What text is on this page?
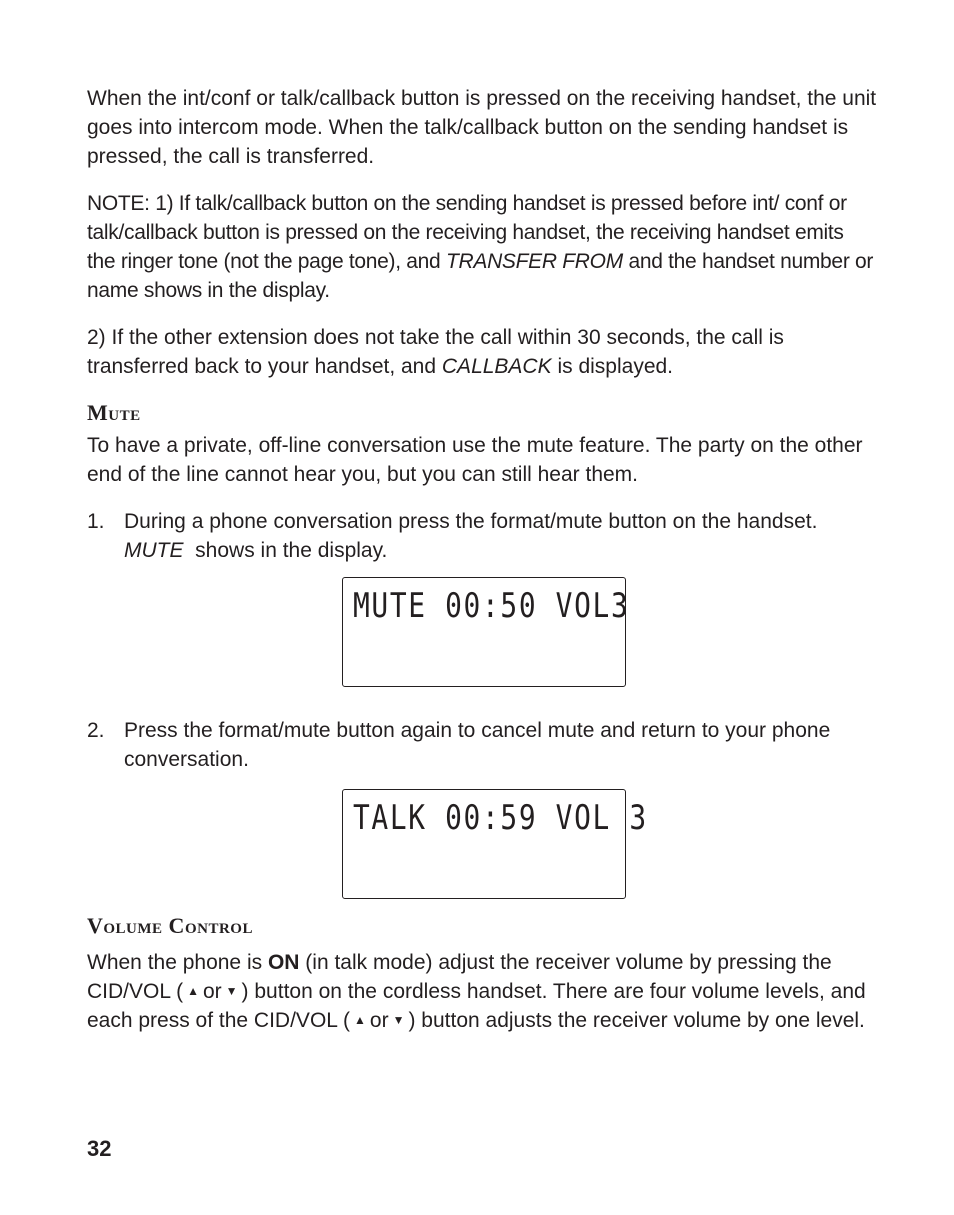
When the int/conf or talk/callback button is pressed on the receiving handset, the unit goes into intercom mode. When the talk/callback button on the sending handset is pressed, the call is transferred.

NOTE: 1) If talk/callback button on the sending handset is pressed before int/ conf or talk/callback button is pressed on the receiving handset, the receiving handset emits the ringer tone (not the page tone), and TRANSFER FROM and the handset number or name shows in the display.

2) If the other extension does not take the call within 30 seconds, the call is transferred back to your handset, and CALLBACK is displayed.

Mute

To have a private, off-line conversation use the mute feature. The party on the other end of the line cannot hear you, but you can still hear them.

1. During a phone conversation press the format/mute button on the handset. MUTE  shows in the display.
MUTE 00:50 VOL3
2. Press the format/mute button again to cancel mute and return to your phone conversation.
TALK 00:59 VOL 3
Volume Control

When the phone is ON (in talk mode) adjust the receiver volume by pressing the CID/VOL ( ▲ or ▼ ) button on the cordless handset. There are four volume levels, and each press of the CID/VOL ( ▲ or ▼ ) button adjusts the receiver volume by one level.

32
